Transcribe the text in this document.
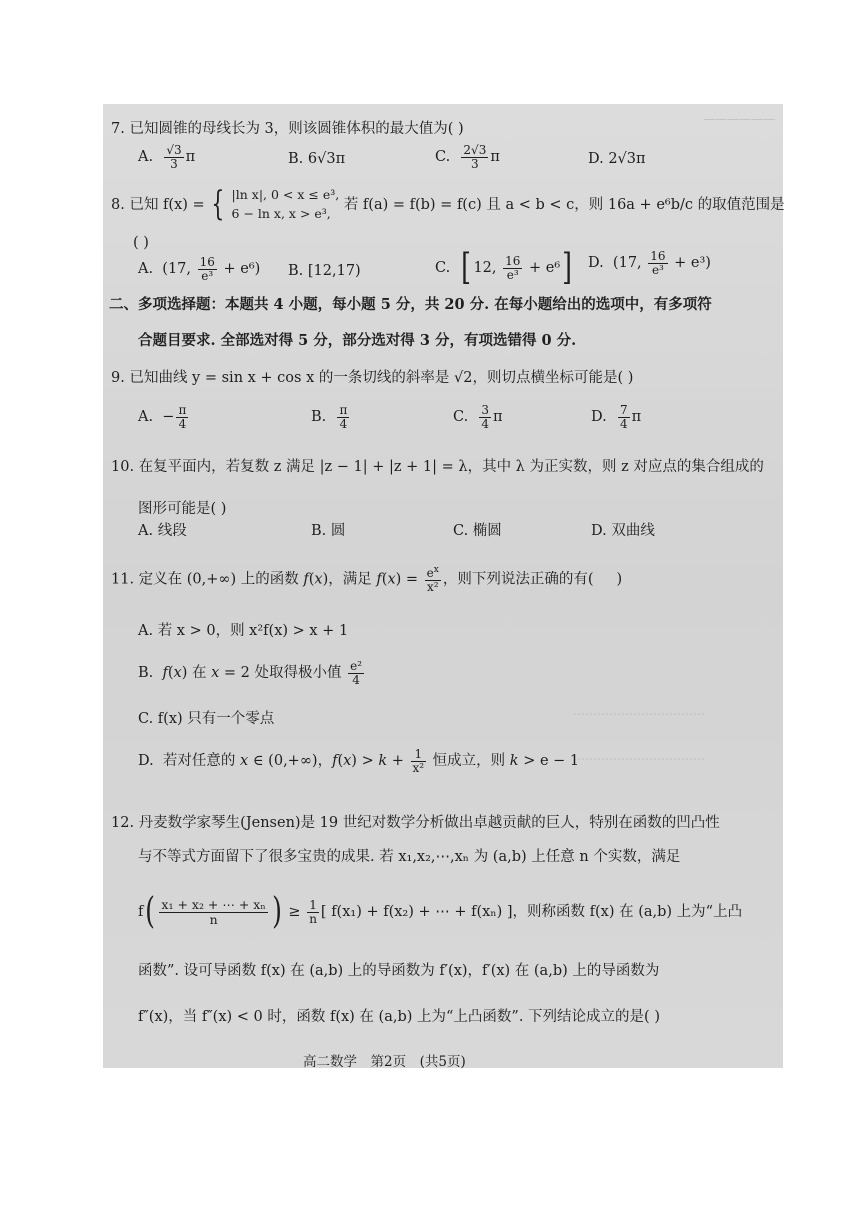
——————
……………………………
……………………………
7. 已知圆锥的母线长为 3，则该圆锥体积的最大值为( )
A. $\frac{√3}{3}$ π	B. 6√3π	C. $\frac{2√3}{3}$ π	D. 2√3π
8. 已知 f(x) = { |ln x|, 0 < x ≤ e³,
6 − ln x, x > e³, 若 f(a) = f(b) = f(c) 且 a < b < c，则 16a + e⁶b/c 的取值范围是
( )
A.  (17, $\frac{16}{\text{e³}} + e^6$) B. [12,17)	C.  [ 12, $\frac{16}{\text{e³}} + e^6$] D.  (17, $\frac{16}{\text{e³}} + e^3$)
二、多项选择题：本题共 4 小题，每小题 5 分，共 20 分. 在每小题给出的选项中，有多项符
合题目要求. 全部选对得 5 分，部分选对得 3 分，有项选错得 0 分.
9. 已知曲线 y = sin x + cos x 的一条切线的斜率是 √2，则切点横坐标可能是( )
A.  − $\frac{\pi}{4}$	B. $\frac{\pi}{4}$	C. $\frac{3}{4}$ π	D. $\frac{7}{4}$ π
10. 在复平面内，若复数 z 满足 |z − 1| + |z + 1| = λ，其中 λ 为正实数，则 z 对应点的集合组成的
图形可能是( )
A. 线段	B. 圆	C. 椭圆	D. 双曲线
11. 定义在 (0,+∞) 上的函数 f(x)，满足 $f(x) = \frac{e^x}{\text{x²}}$ ，则下列说法正确的有(     )
A. 若 x > 0，则 x²f(x) > x + 1
B.  f(x) 在 x = 2 处取得极小值 $\frac{\text{e²}}{4}$
C. f(x) 只有一个零点
D.  若对任意的 x ∈ (0,+∞)，$f(x) > k + \frac{1}{\text{x²}}$ 恒成立，则 k > e − 1
12. 丹麦数学家琴生(Jensen)是 19 世纪对数学分析做出卓越贡献的巨人，特别在函数的凹凸性
与不等式方面留下了很多宝贵的成果. 若 x₁,x₂,⋯,xₙ 为 (a,b) 上任意 n 个实数，满足
$f( \frac{\text{x₁ + x₂ + ⋯ + xₙ}}{n}$ ) ≥ $\frac{1}{n}$ [ f(x₁) + f(x₂) + ⋯ + f(xₙ) ]，则称函数 f(x) 在 (a,b) 上为“上凸
函数”. 设可导函数 f(x) 在 (a,b) 上的导函数为 f′(x)，f′(x) 在 (a,b) 上的导函数为
f″(x)，当 f″(x) < 0 时，函数 f(x) 在 (a,b) 上为“上凸函数”. 下列结论成立的是( )
高二数学　第2页　(共5页)
